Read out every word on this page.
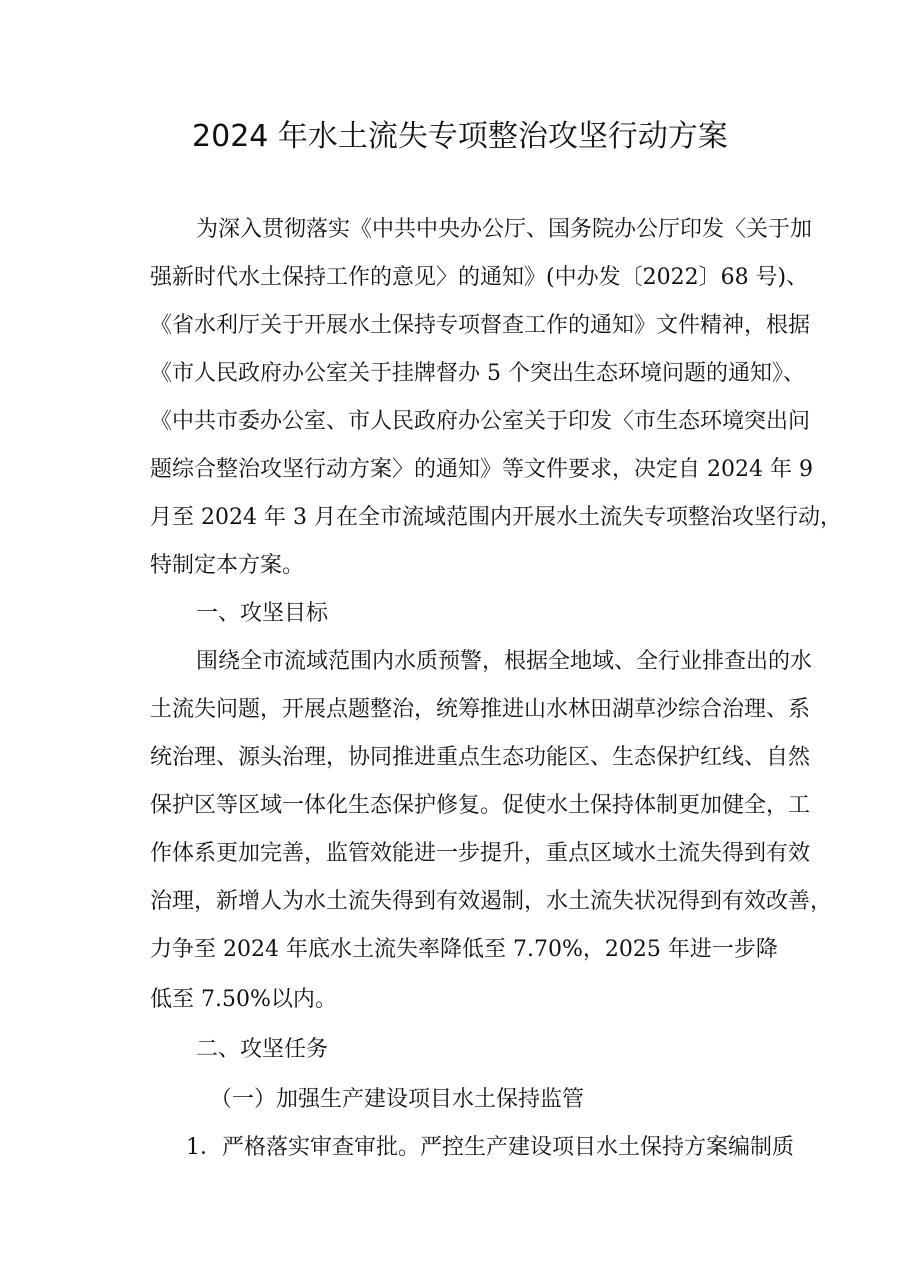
2024 年水土流失专项整治攻坚行动方案
为深入贯彻落实《中共中央办公厅、国务院办公厅印发〈关于加
强新时代水土保持工作的意见〉的通知》(中办发〔2022〕68 号)、
《省水利厅关于开展水土保持专项督查工作的通知》文件精神，根据
《市人民政府办公室关于挂牌督办 5 个突出生态环境问题的通知》、
《中共市委办公室、市人民政府办公室关于印发〈市生态环境突出问
题综合整治攻坚行动方案〉的通知》等文件要求，决定自 2024 年 9
月至 2024 年 3 月在全市流域范围内开展水土流失专项整治攻坚行动，
特制定本方案。
一、攻坚目标
围绕全市流域范围内水质预警，根据全地域、全行业排查出的水
土流失问题，开展点题整治，统筹推进山水林田湖草沙综合治理、系
统治理、源头治理，协同推进重点生态功能区、生态保护红线、自然
保护区等区域一体化生态保护修复。促使水土保持体制更加健全，工
作体系更加完善，监管效能进一步提升，重点区域水土流失得到有效
治理，新增人为水土流失得到有效遏制，水土流失状况得到有效改善，
力争至 2024 年底水土流失率降低至 7.70%，2025 年进一步降
低至 7.50%以内。
二、攻坚任务
（一）加强生产建设项目水土保持监管
1．严格落实审查审批。严控生产建设项目水土保持方案编制质
